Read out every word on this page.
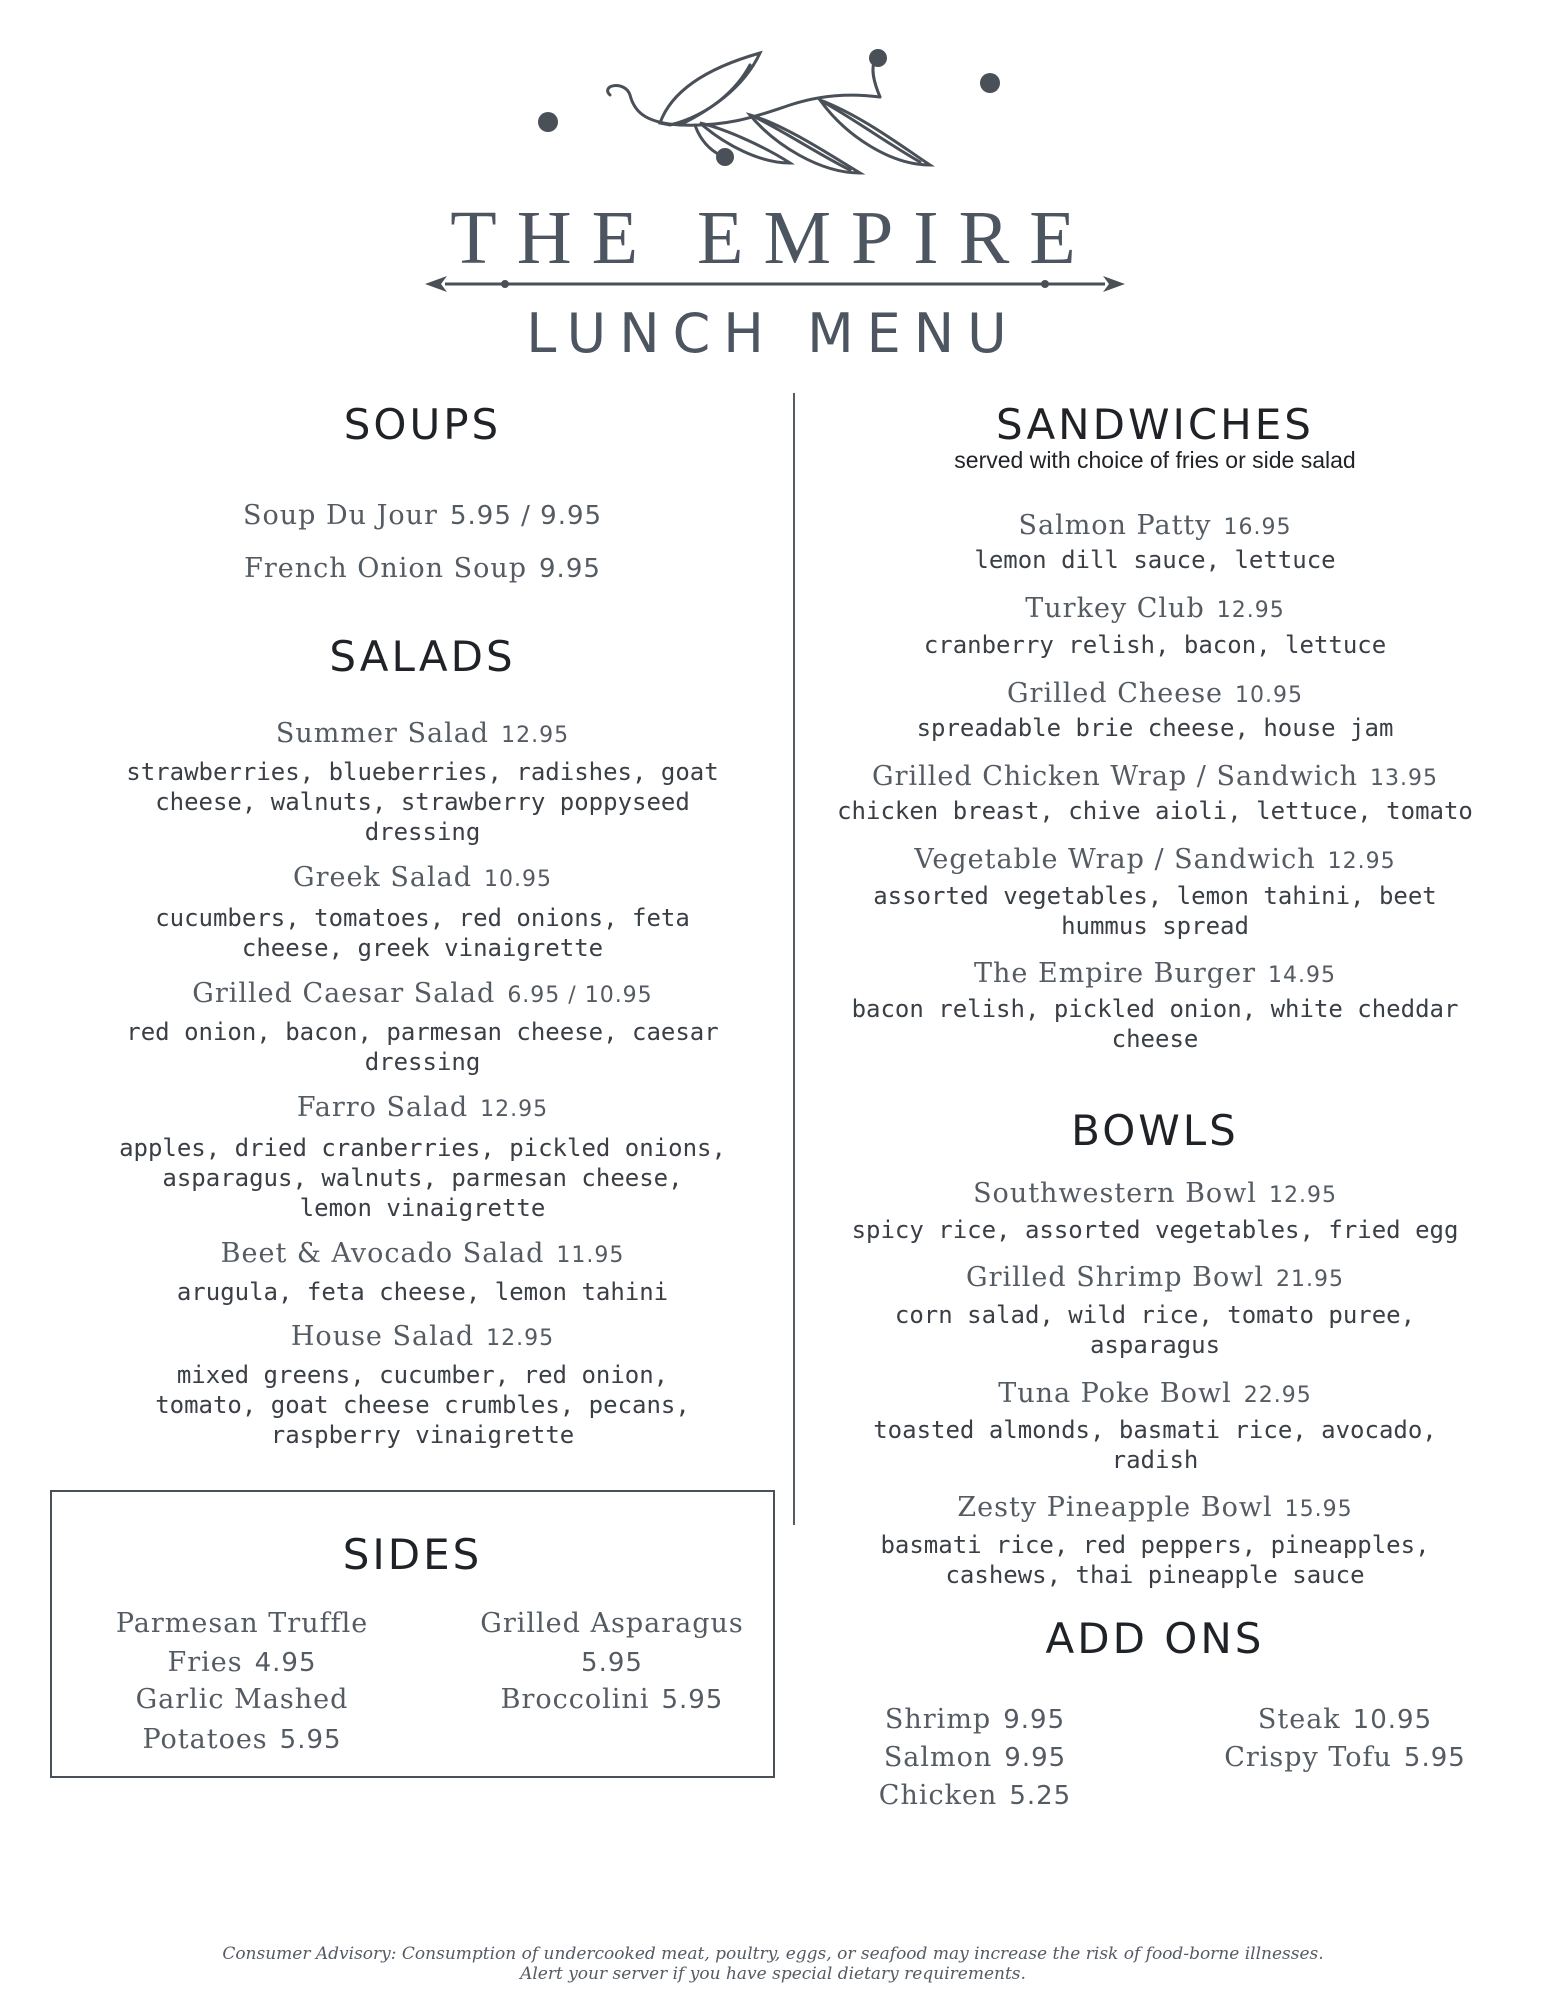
THE EMPIRE
LUNCH MENU
SOUPS
Soup Du Jour 5.95 / 9.95
French Onion Soup 9.95
SALADS
Summer Salad 12.95
strawberries, blueberries, radishes, goat
cheese, walnuts, strawberry poppyseed
dressing
Greek Salad 10.95
cucumbers, tomatoes, red onions, feta
cheese, greek vinaigrette
Grilled Caesar Salad 6.95 / 10.95
red onion, bacon, parmesan cheese, caesar
dressing
Farro Salad 12.95
apples, dried cranberries, pickled onions,
asparagus, walnuts, parmesan cheese,
lemon vinaigrette
Beet & Avocado Salad 11.95
arugula, feta cheese, lemon tahini
House Salad 12.95
mixed greens, cucumber, red onion,
tomato, goat cheese crumbles, pecans,
raspberry vinaigrette
SIDES
Parmesan Truffle
Fries 4.95
Garlic Mashed
Potatoes 5.95
Grilled Asparagus
5.95
Broccolini 5.95
SANDWICHES
served with choice of fries or side salad
Salmon Patty 16.95
lemon dill sauce, lettuce
Turkey Club 12.95
cranberry relish, bacon, lettuce
Grilled Cheese 10.95
spreadable brie cheese, house jam
Grilled Chicken Wrap / Sandwich 13.95
chicken breast, chive aioli, lettuce, tomato
Vegetable Wrap / Sandwich 12.95
assorted vegetables, lemon tahini, beet
hummus spread
The Empire Burger 14.95
bacon relish, pickled onion, white cheddar
cheese
BOWLS
Southwestern Bowl 12.95
spicy rice, assorted vegetables, fried egg
Grilled Shrimp Bowl 21.95
corn salad, wild rice, tomato puree,
asparagus
Tuna Poke Bowl 22.95
toasted almonds, basmati rice, avocado,
radish
Zesty Pineapple Bowl 15.95
basmati rice, red peppers, pineapples,
cashews, thai pineapple sauce
ADD ONS
Shrimp 9.95
Salmon 9.95
Chicken 5.25
Steak 10.95
Crispy Tofu 5.95
Consumer Advisory: Consumption of undercooked meat, poultry, eggs, or seafood may increase the risk of food-borne illnesses.
Alert your server if you have special dietary requirements.
